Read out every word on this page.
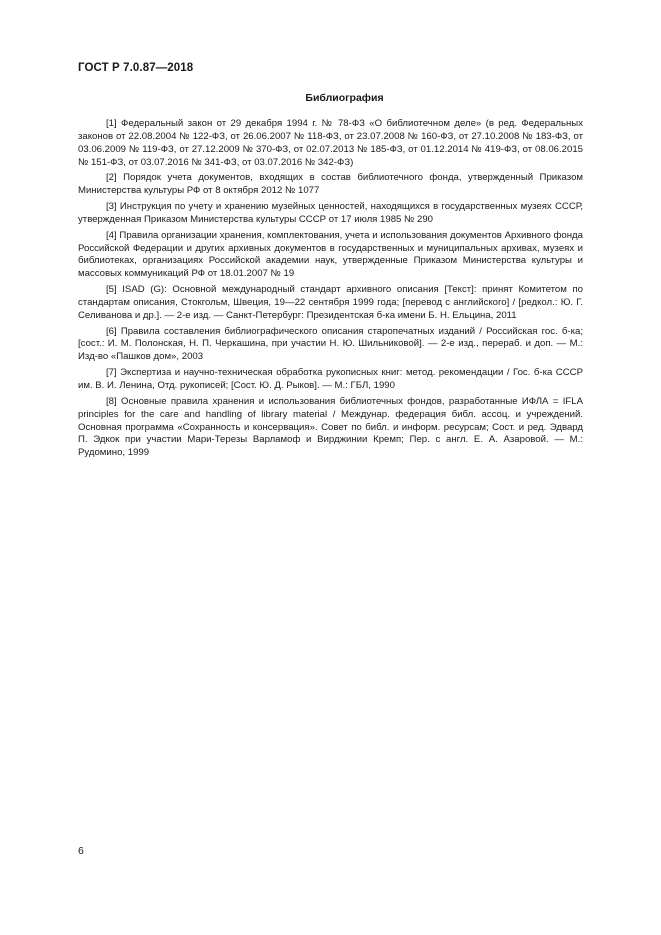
ГОСТ Р 7.0.87—2018
Библиография

[1] Федеральный закон от 29 декабря 1994 г. № 78-ФЗ «О библиотечном деле» (в ред. Федеральных законов от 22.08.2004 № 122-ФЗ, от 26.06.2007 № 118-ФЗ, от 23.07.2008 № 160-ФЗ, от 27.10.2008 № 183-ФЗ, от 03.06.2009 № 119-ФЗ, от 27.12.2009 № 370-ФЗ, от 02.07.2013 № 185-ФЗ, от 01.12.2014 № 419-ФЗ, от 08.06.2015 № 151-ФЗ, от 03.07.2016 № 341-ФЗ, от 03.07.2016 № 342-ФЗ)

[2] Порядок учета документов, входящих в состав библиотечного фонда, утвержденный Приказом Министерства культуры РФ от 8 октября 2012 № 1077

[3] Инструкция по учету и хранению музейных ценностей, находящихся в государственных музеях СССР, утвержденная Приказом Министерства культуры СССР от 17 июля 1985 № 290

[4] Правила организации хранения, комплектования, учета и использования документов Архивного фонда Российской Федерации и других архивных документов в государственных и муниципальных архивах, музеях и библиотеках, организациях Российской академии наук, утвержденные Приказом Министерства культуры и массовых коммуникаций РФ от 18.01.2007 № 19

[5] ISAD (G): Основной международный стандарт архивного описания [Текст]: принят Комитетом по стандартам описания, Стокгольм, Швеция, 19—22 сентября 1999 года; [перевод с английского] / [редкол.: Ю. Г. Селиванова и др.]. — 2-е изд. — Санкт-Петербург: Президентская б-ка имени Б. Н. Ельцина, 2011

[6] Правила составления библиографического описания старопечатных изданий / Российская гос. б-ка; [сост.: И. М. Полонская, Н. П. Черкашина, при участии Н. Ю. Шильниковой]. — 2-е изд., перераб. и доп. — М.: Изд-во «Пашков дом», 2003

[7] Экспертиза и научно-техническая обработка рукописных книг: метод. рекомендации / Гос. б-ка СССР им. В. И. Ленина, Отд. рукописей; [Сост. Ю. Д. Рыков]. — М.: ГБЛ, 1990

[8] Основные правила хранения и использования библиотечных фондов, разработанные ИФЛА = IFLA principles for the care and handling of library material / Междунар. федерация библ. ассоц. и учреждений. Основная программа «Сохранность и консервация». Совет по библ. и информ. ресурсам; Сост. и ред. Эдвард П. Эдкок при участии Мари-Терезы Варламоф и Вирджинии Кремп; Пер. с англ. Е. А. Азаровой. — М.: Рудомино, 1999

6
